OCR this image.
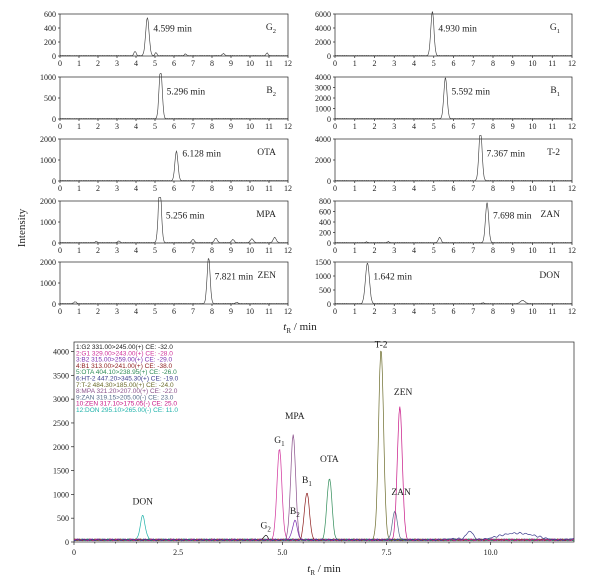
0 1 2 3 4 5 6 7 8 9 10 11 12
0
200
400
600
4.599 min	$G_2$
0 1 2 3 4 5 6 7 8 9 10 11 12
0
2000
4000
6000
4.930 min	$G_1$
0 1 2 3 4 5 6 7 8 9 10 11 12
0
500
1000
5.296 min	$B_2$
0 1 2 3 4 5 6 7 8 9 10 11 12
0
1000
2000
3000
4000
5.592 min	$B_1$
0 1 2 3 4 5 6 7 8 9 10 11 12
0
1000
2000
6.128 min	OTA
0 1 2 3 4 5 6 7 8 9 10 11 12
0
2000
4000
7.367 min T-2
0 1 2 3 4 5 6 7 8 9 10 11 12
0
1000
2000
5.256 min	MPA
0 1 2 3 4 5 6 7 8 9 10 11 12
0
200
400
600
800
7.698 min ZAN
0 1 2 3 4 5 6 7 8 9 10 11 12
0
1000
2000
7.821 min ZEN
0 1 2 3 4 5 6 7 8 9 10 11 12
0
500
1000
1500
1.642 min	DON
Intensity
$t_R$ / min
0
500
1000
1500
2000
2500
3000
3500
4000
0	2.5	5.0	7.5	10.0
DON
$G_2$
$G_1$
MPA
$B_2$
$B_1$
OTA
T-2
ZEN
ZAN
1:G2 331.00>245.00(+) CE: -32.0
2:G1 329.00>243.00(+) CE: -28.0
3:B2 315.00>259.00(+) CE: -29.0
4:B1 313.00>241.00(+) CE: -38.0
5:OTA 404.10>238.95(+) CE: -26.0
6:HT-2 447.20>345.30(+) CE: -19.0
7:T-2 484.30>185.00(+) CE: -24.0
8:MPA 321.20>207.00(+) CE: -22.0
9:ZAN 319.15>205.00(-) CE: 23.0
10:ZEN 317.10>175.05(-) CE: 25.0
12:DON 295.10>265.00(-) CE: 11.0
$t_R$ / min
